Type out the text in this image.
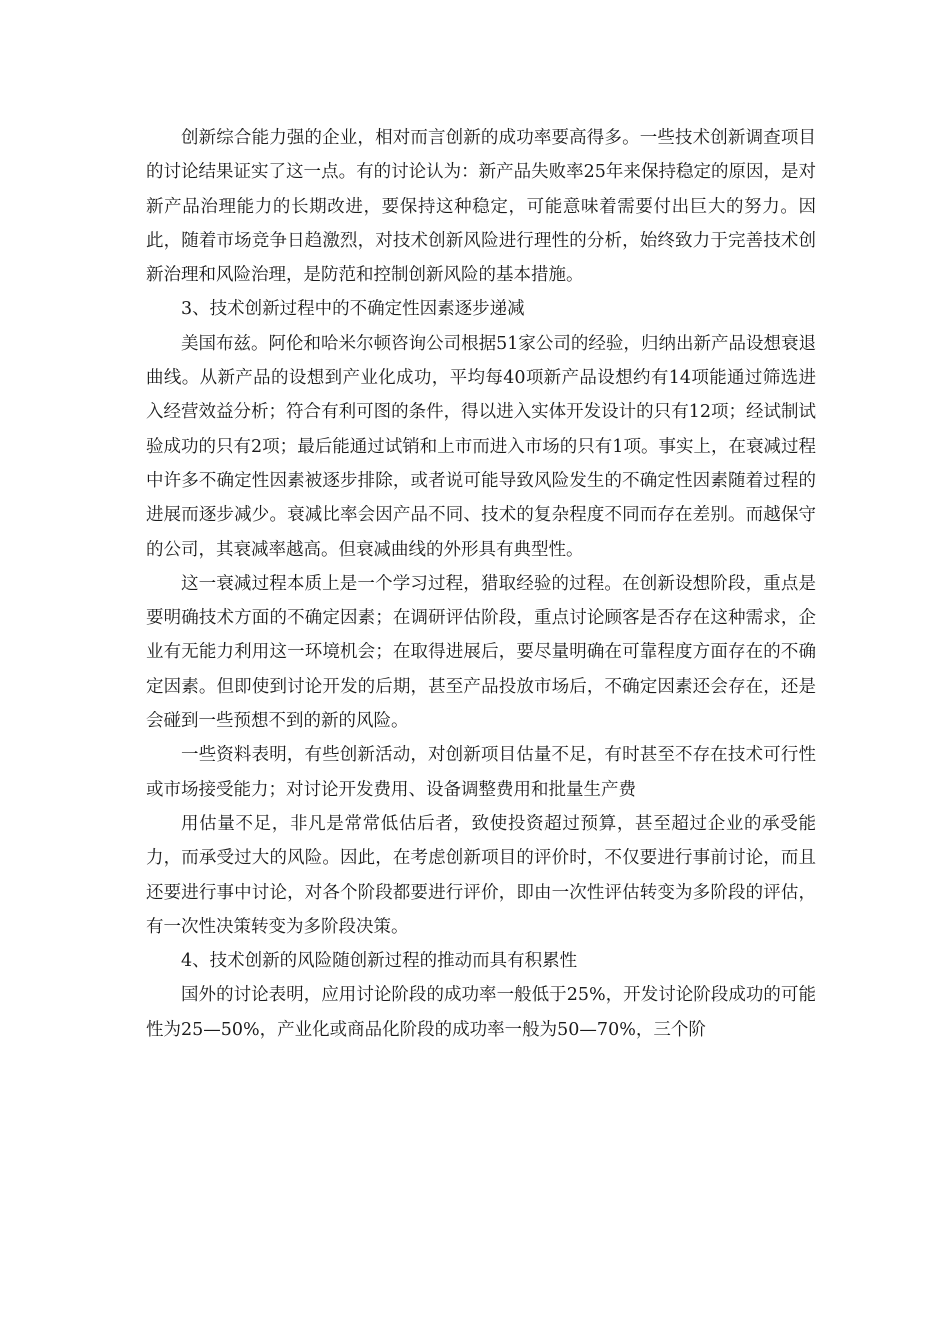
创新综合能力强的企业，相对而言创新的成功率要高得多。一些技术创新调查项目的讨论结果证实了这一点。有的讨论认为：新产品失败率25年来保持稳定的原因，是对新产品治理能力的长期改进，要保持这种稳定，可能意味着需要付出巨大的努力。因此，随着市场竞争日趋激烈，对技术创新风险进行理性的分析，始终致力于完善技术创新治理和风险治理，是防范和控制创新风险的基本措施。

3、技术创新过程中的不确定性因素逐步递减

美国布兹。阿伦和哈米尔顿咨询公司根据51家公司的经验，归纳出新产品设想衰退曲线。从新产品的设想到产业化成功，平均每40项新产品设想约有14项能通过筛选进入经营效益分析；符合有利可图的条件，得以进入实体开发设计的只有12项；经试制试验成功的只有2项；最后能通过试销和上市而进入市场的只有1项。事实上，在衰减过程中许多不确定性因素被逐步排除，或者说可能导致风险发生的不确定性因素随着过程的进展而逐步减少。衰减比率会因产品不同、技术的复杂程度不同而存在差别。而越保守的公司，其衰减率越高。但衰减曲线的外形具有典型性。

这一衰减过程本质上是一个学习过程，猎取经验的过程。在创新设想阶段，重点是要明确技术方面的不确定因素；在调研评估阶段，重点讨论顾客是否存在这种需求，企业有无能力利用这一环境机会；在取得进展后，要尽量明确在可靠程度方面存在的不确定因素。但即使到讨论开发的后期，甚至产品投放市场后，不确定因素还会存在，还是会碰到一些预想不到的新的风险。

一些资料表明，有些创新活动，对创新项目估量不足，有时甚至不存在技术可行性或市场接受能力；对讨论开发费用、设备调整费用和批量生产费

用估量不足，非凡是常常低估后者，致使投资超过预算，甚至超过企业的承受能力，而承受过大的风险。因此，在考虑创新项目的评价时，不仅要进行事前讨论，而且还要进行事中讨论，对各个阶段都要进行评价，即由一次性评估转变为多阶段的评估，有一次性决策转变为多阶段决策。

4、技术创新的风险随创新过程的推动而具有积累性

国外的讨论表明，应用讨论阶段的成功率一般低于25%，开发讨论阶段成功的可能性为25—50%，产业化或商品化阶段的成功率一般为50—70%，三个阶
